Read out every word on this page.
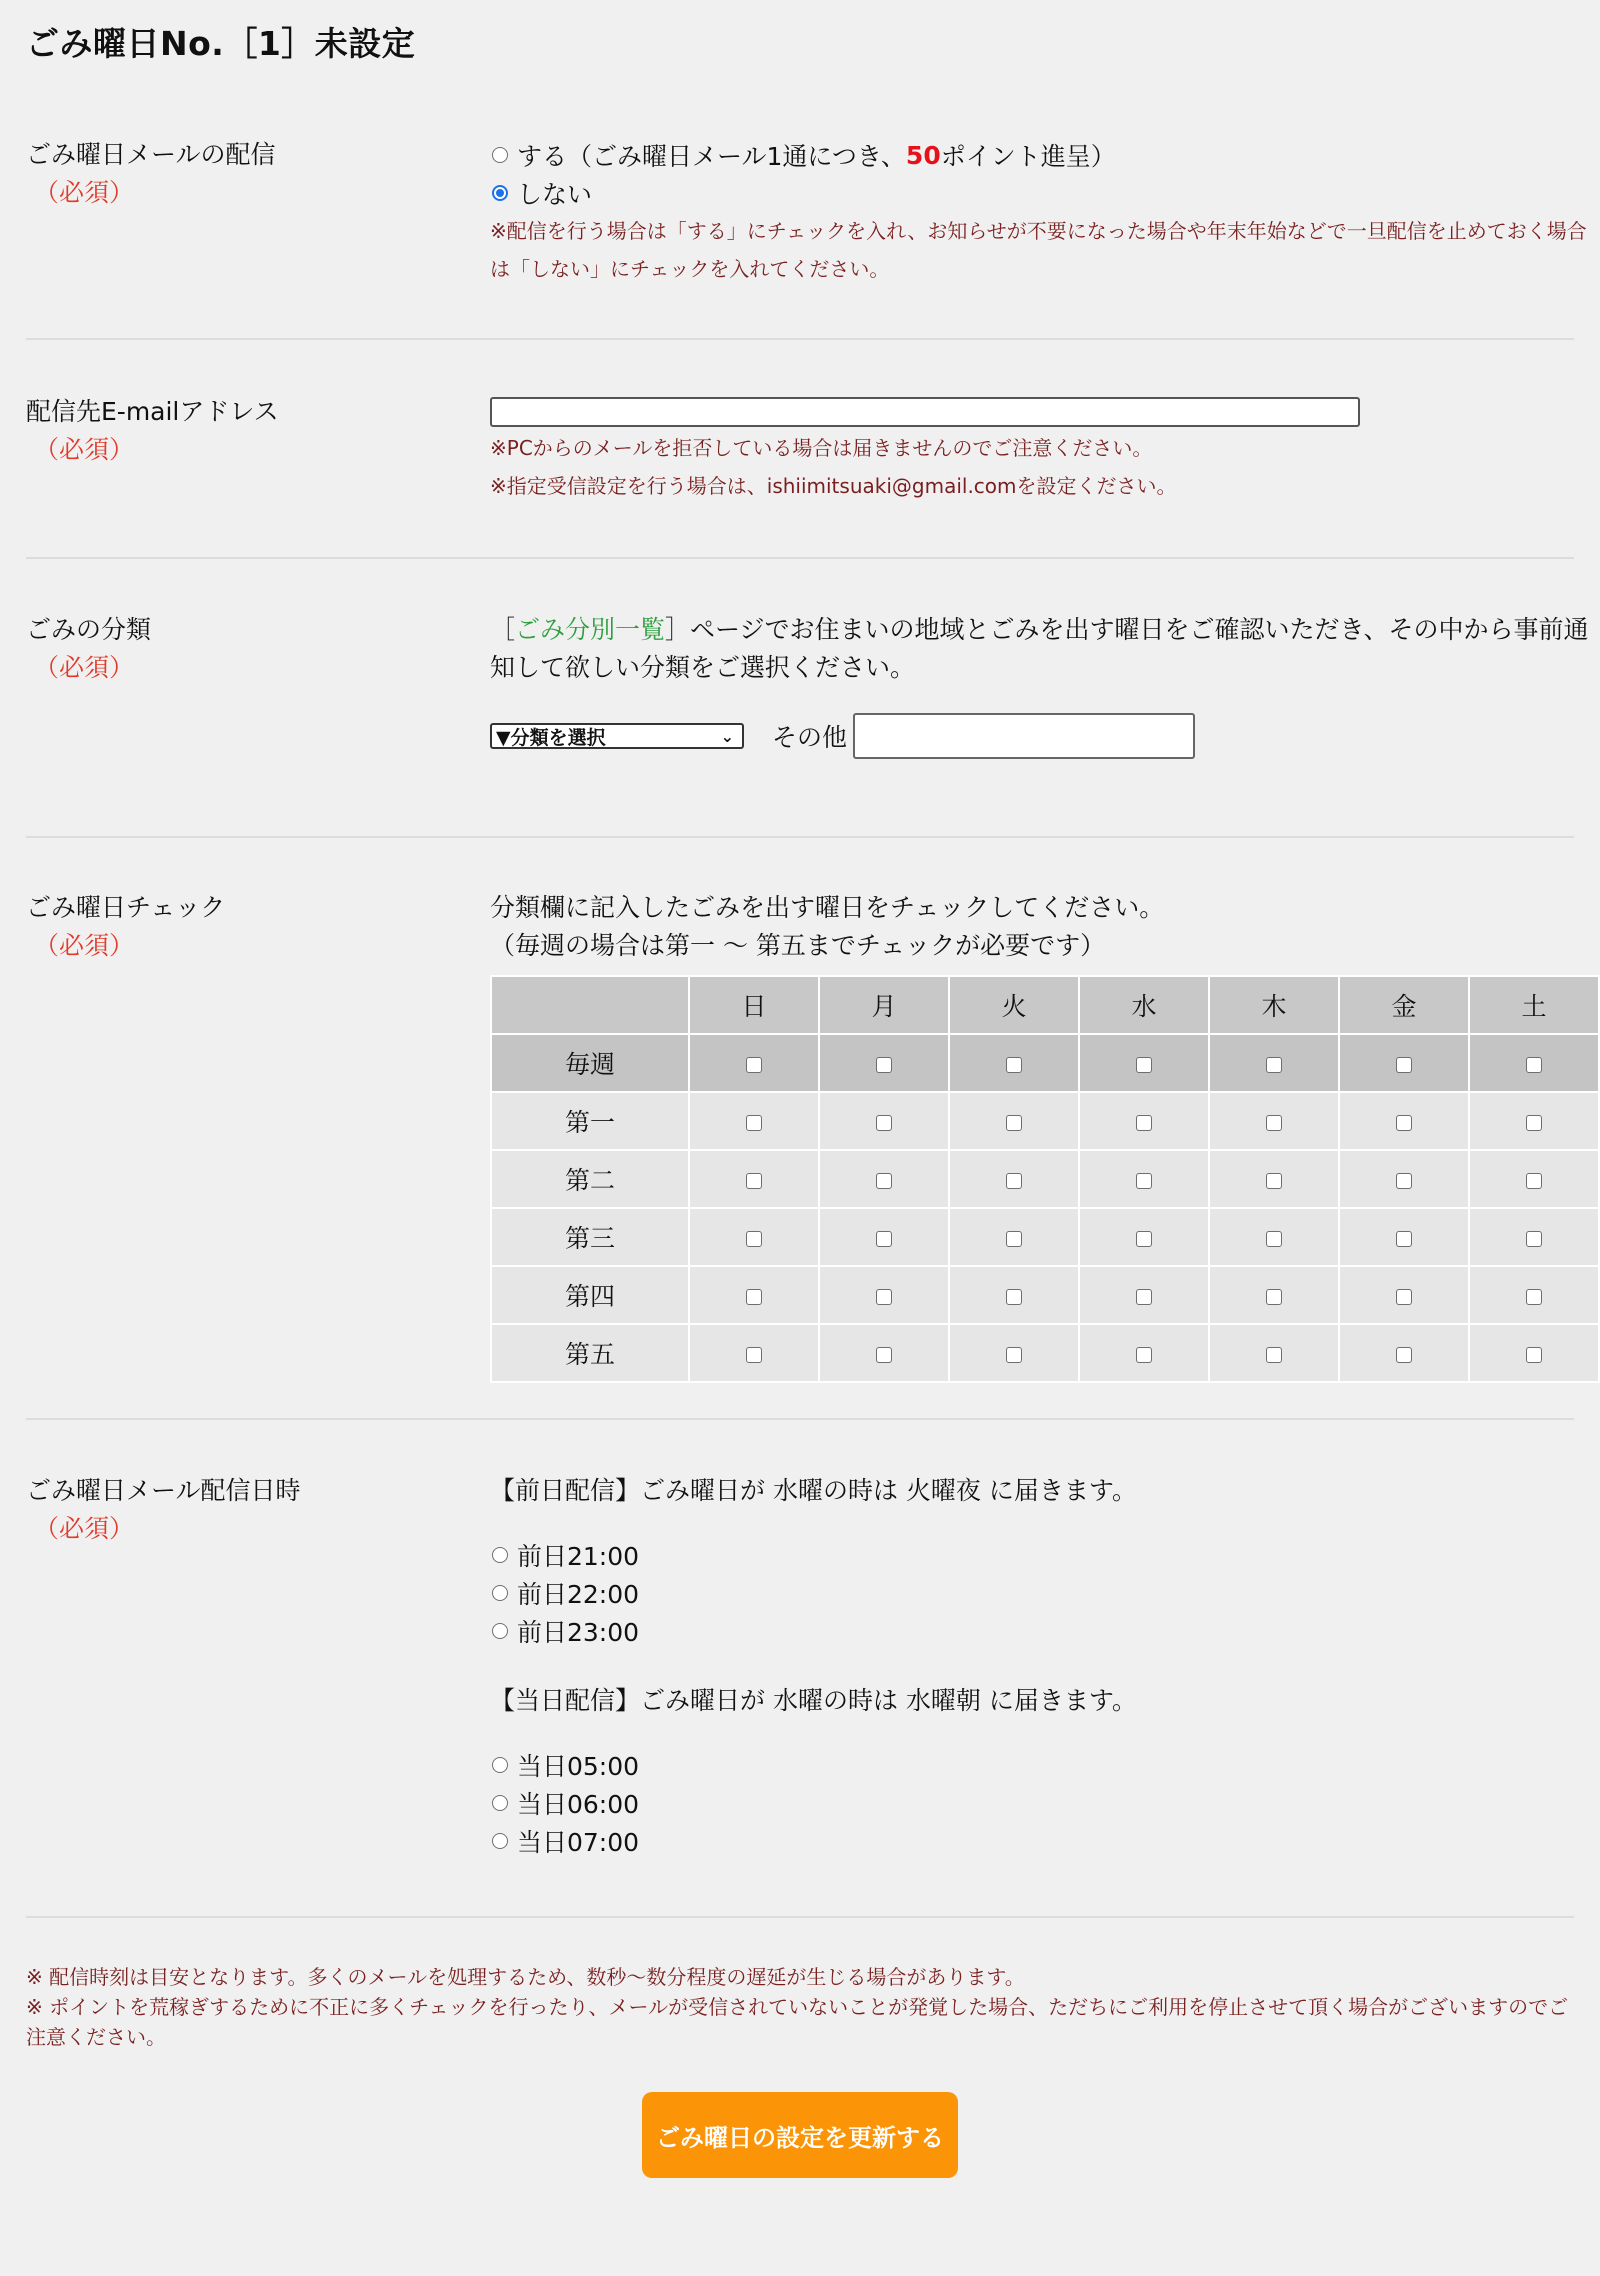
ごみ曜日No.［1］未設定
ごみ曜日メールの配信
（必須）
する（ごみ曜日メール1通につき、 50 ポイント進呈）
しない
※配信を行う場合は「する」にチェックを入れ、お知らせが不要になった場合や年末年始などで一旦配信を止めておく場合は「しない」にチェックを入れてください。
配信先E-mailアドレス
（必須）	※PCからのメールを拒否している場合は届きませんのでご注意ください。
※指定受信設定を行う場合は、ishiimitsuaki@gmail.comを設定ください。
ごみの分類
（必須）
［ごみ分別一覧］ページでお住まいの地域とごみを出す曜日をご確認いただき、その中から事前通知して欲しい分類をご選択ください。
▼分類を選択	⌄ その他
ごみ曜日チェック
（必須）
分類欄に記入したごみを出す曜日をチェックしてください。
（毎週の場合は第一 〜 第五までチェックが必要です）
	日	月	火	水	木	金	土
毎週							
第一							
第二							
第三							
第四							
第五							
ごみ曜日メール配信日時
（必須）
【前日配信】ごみ曜日が 水曜の時は 火曜夜 に届きます。
前日21:00
前日22:00
前日23:00
【当日配信】ごみ曜日が 水曜の時は 水曜朝 に届きます。
当日05:00
当日06:00
当日07:00
※ 配信時刻は目安となります。多くのメールを処理するため、数秒〜数分程度の遅延が生じる場合があります。
※ ポイントを荒稼ぎするために不正に多くチェックを行ったり、メールが受信されていないことが発覚した場合、ただちにご利用を停止させて頂く場合がございますのでご注意ください。
ごみ曜日の設定を更新する
